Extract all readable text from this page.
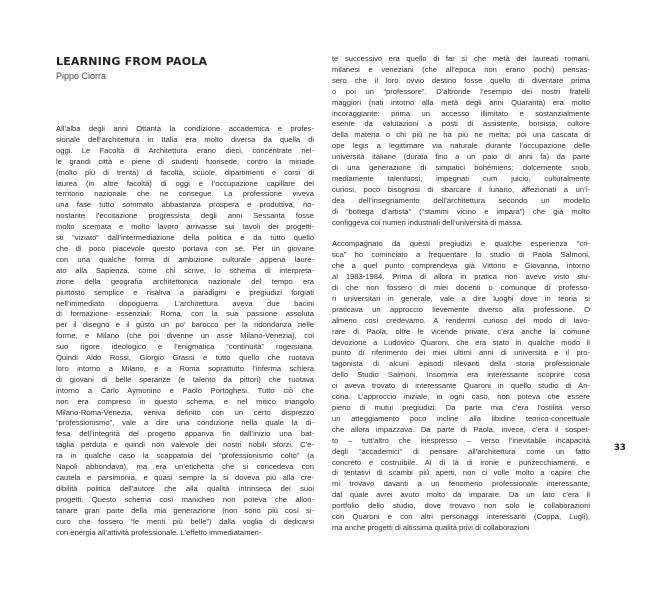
LEARNING FROM PAOLA
Pippo Ciorra

All’alba degli anni Ottanta la condizione accademica e profes-
sionale dell’architettura in Italia era molto diversa da quella di
oggi. Le Facoltà di Architettura erano dieci, concentrate nel-
le grandi città e piene di studenti fuorisede, contro la miriade
(molto più di trenta) di facoltà, scuole, dipartimenti e corsi di
laurea (in altre facoltà) di oggi e l’occupazione capillare del
territorio nazionale che ne consegue. La professione viveva
una fase tutto sommato abbastanza prospera e produttiva, no-
nostante l’eccitazione progressista degli anni Sessanta fosse
molto scemata e molto lavoro arrivasse sui tavoli dei progetti-
sti “viziato” dall’intermediazione della politica e da tutto quello
che di poco piacevole questo portava con sé. Per un giovane
con una qualche forma di ambizione culturale appena laure-
ato alla Sapienza, come chi scrive, lo schema di interpreta-
zione della geografia architettonica nazionale del tempo era
piuttosto semplice e risaliva a paradigmi e pregiudizi forgiati
nell’immediato dopoguerra. L’architettura aveva due bacini
di formazione essenziali: Roma, con la sua passione assoluta
per il disegno e il gusto un po’ barocco per la ridondanza nelle
forme, e Milano (che poi divenne un asse Milano-Venezia), col
suo rigore ideologico e l’enigmatica “continuità” rogersiana.
Quindi Aldo Rossi, Giorgio Grassi e tutto quello che ruotava
loro intorno a Milano, e a Roma soprattutto l’inferma schiera
di giovani di belle speranze (e talento da pittori) che ruotava
intorno a Carlo Aymonino e Paolo Portoghesi. Tutto ciò che
non era compreso in questo schema, e nel mitico triangolo
Milano-Roma-Venezia, veniva definito con un certo disprezzo
“professionismo”, vale a dire una condizione nella quale la di-
fesa dell’integrità del progetto appariva fin dall’inizio una bat-
taglia perduta e quindi non valevole dei nostri nobili sforzi. C’e-
ra in qualche caso la scappatoia del “professionismo colto” (a
Napoli abbondava), ma era un’etichetta che si concedeva con
cautela e parsimonia, e quasi sempre la si doveva più alla cre-
dibilità politica dell’autore che alla qualità intrinseca dei suoi
progetti. Questo schema così manicheo non poteva che allon-
tanare gran parte della mia generazione (non sono più così si-
curo che fossero “le menti più belle”) dalla voglia di dedicarsi
con energia all’attività professionale. L’effetto immediatamen-

te successivo era quello di far sì che metà dei laureati romani,
milanesi e veneziani (che all’epoca non erano pochi) pensas-
sero che il loro ovvio destino fosse quello di diventare prima
o poi un “professore”. D’altronde l’esempio dei nostri fratelli
maggiori (nati intorno alla metà degli anni Quaranta) era molto
incoraggiante: prima un accesso illimitato e sostanzialmente
esente da valutazioni a posti di assistente, borsista, cultore
della materia o chi più ne ha più ne metta; poi una cascata di
ope legis a legittimare via naturale durante l’occupazione delle
università italiane (durata fino a un paio di anni fa) da parte
di una generazione di simpatici bohémiens: dolcemente snob,
mediamente talentuosi, impegnati cum juicio, culturalmente
curiosi, poco bisognosi di sbarcare il lunario, affezionati a un’i-
dea dell’insegnamento dell’architettura secondo un modello
di “bottega d’artista” (“stammi vicino e impara”) che già molto
configgeva coi numeri industriali dell’università di massa.

Accompagnato da questi pregiudizi e qualche esperienza “cri-
tica” ho cominciato a frequentare lo studio di Paola Salmoni,
che a quel punto comprendeva già Vittorio e Giovanna, intorno
al 1983-1984. Prima di allora in pratica non avevo visto stu-
di che non fossero di miei docenti o comunque di professo-
ri universitari in generale, vale a dire luoghi dove in teoria si
praticava un approccio lievemente diverso alla professione. O
almeno così credevamo. A rendermi curioso del modo di lavo-
rare di Paola, oltre le vicende private, c’era anche la comune
devozione a Ludovico Quaroni, che era stato in qualche modo il
punto di riferimento dei miei ultimi anni di università e il pro-
tagonista di alcuni episodi rilevanti della storia professionale
dello Studio Salmoni. Insomma era interessante scoprire cosa
ci aveva trovato di interessante Quaroni in quello studio di An-
cona. L’approccio iniziale, in ogni caso, non poteva che essere
pieno di mutui pregiudizi. Da parte mia c’era l’ostilità verso
un atteggiamento poco incline alla libidine teorico-concettuale
che allora impazzava. Da parte di Paola, invece, c’era il sospet-
to – tutt’altro che inespresso – verso l’inevitabile incapacità
degli “accademici” di pensare all’architettura come un fatto
concreto e costruibile. Al di là di ironie e punzecchiamenti, e
di tentativi di scambi più aperti, non ci volle molto a capire che
mi trovavo davanti a un fenomeno professionale interessante,
dal quale avrei avuto molto da imparare. Da un lato c’era il
portfolio dello studio, dove trovavo non solo le collaborazioni
con Quaroni e con altri personaggi interessanti (Coppa, Lugli),
ma anche progetti di altissima qualità privi di collaborazioni

33
